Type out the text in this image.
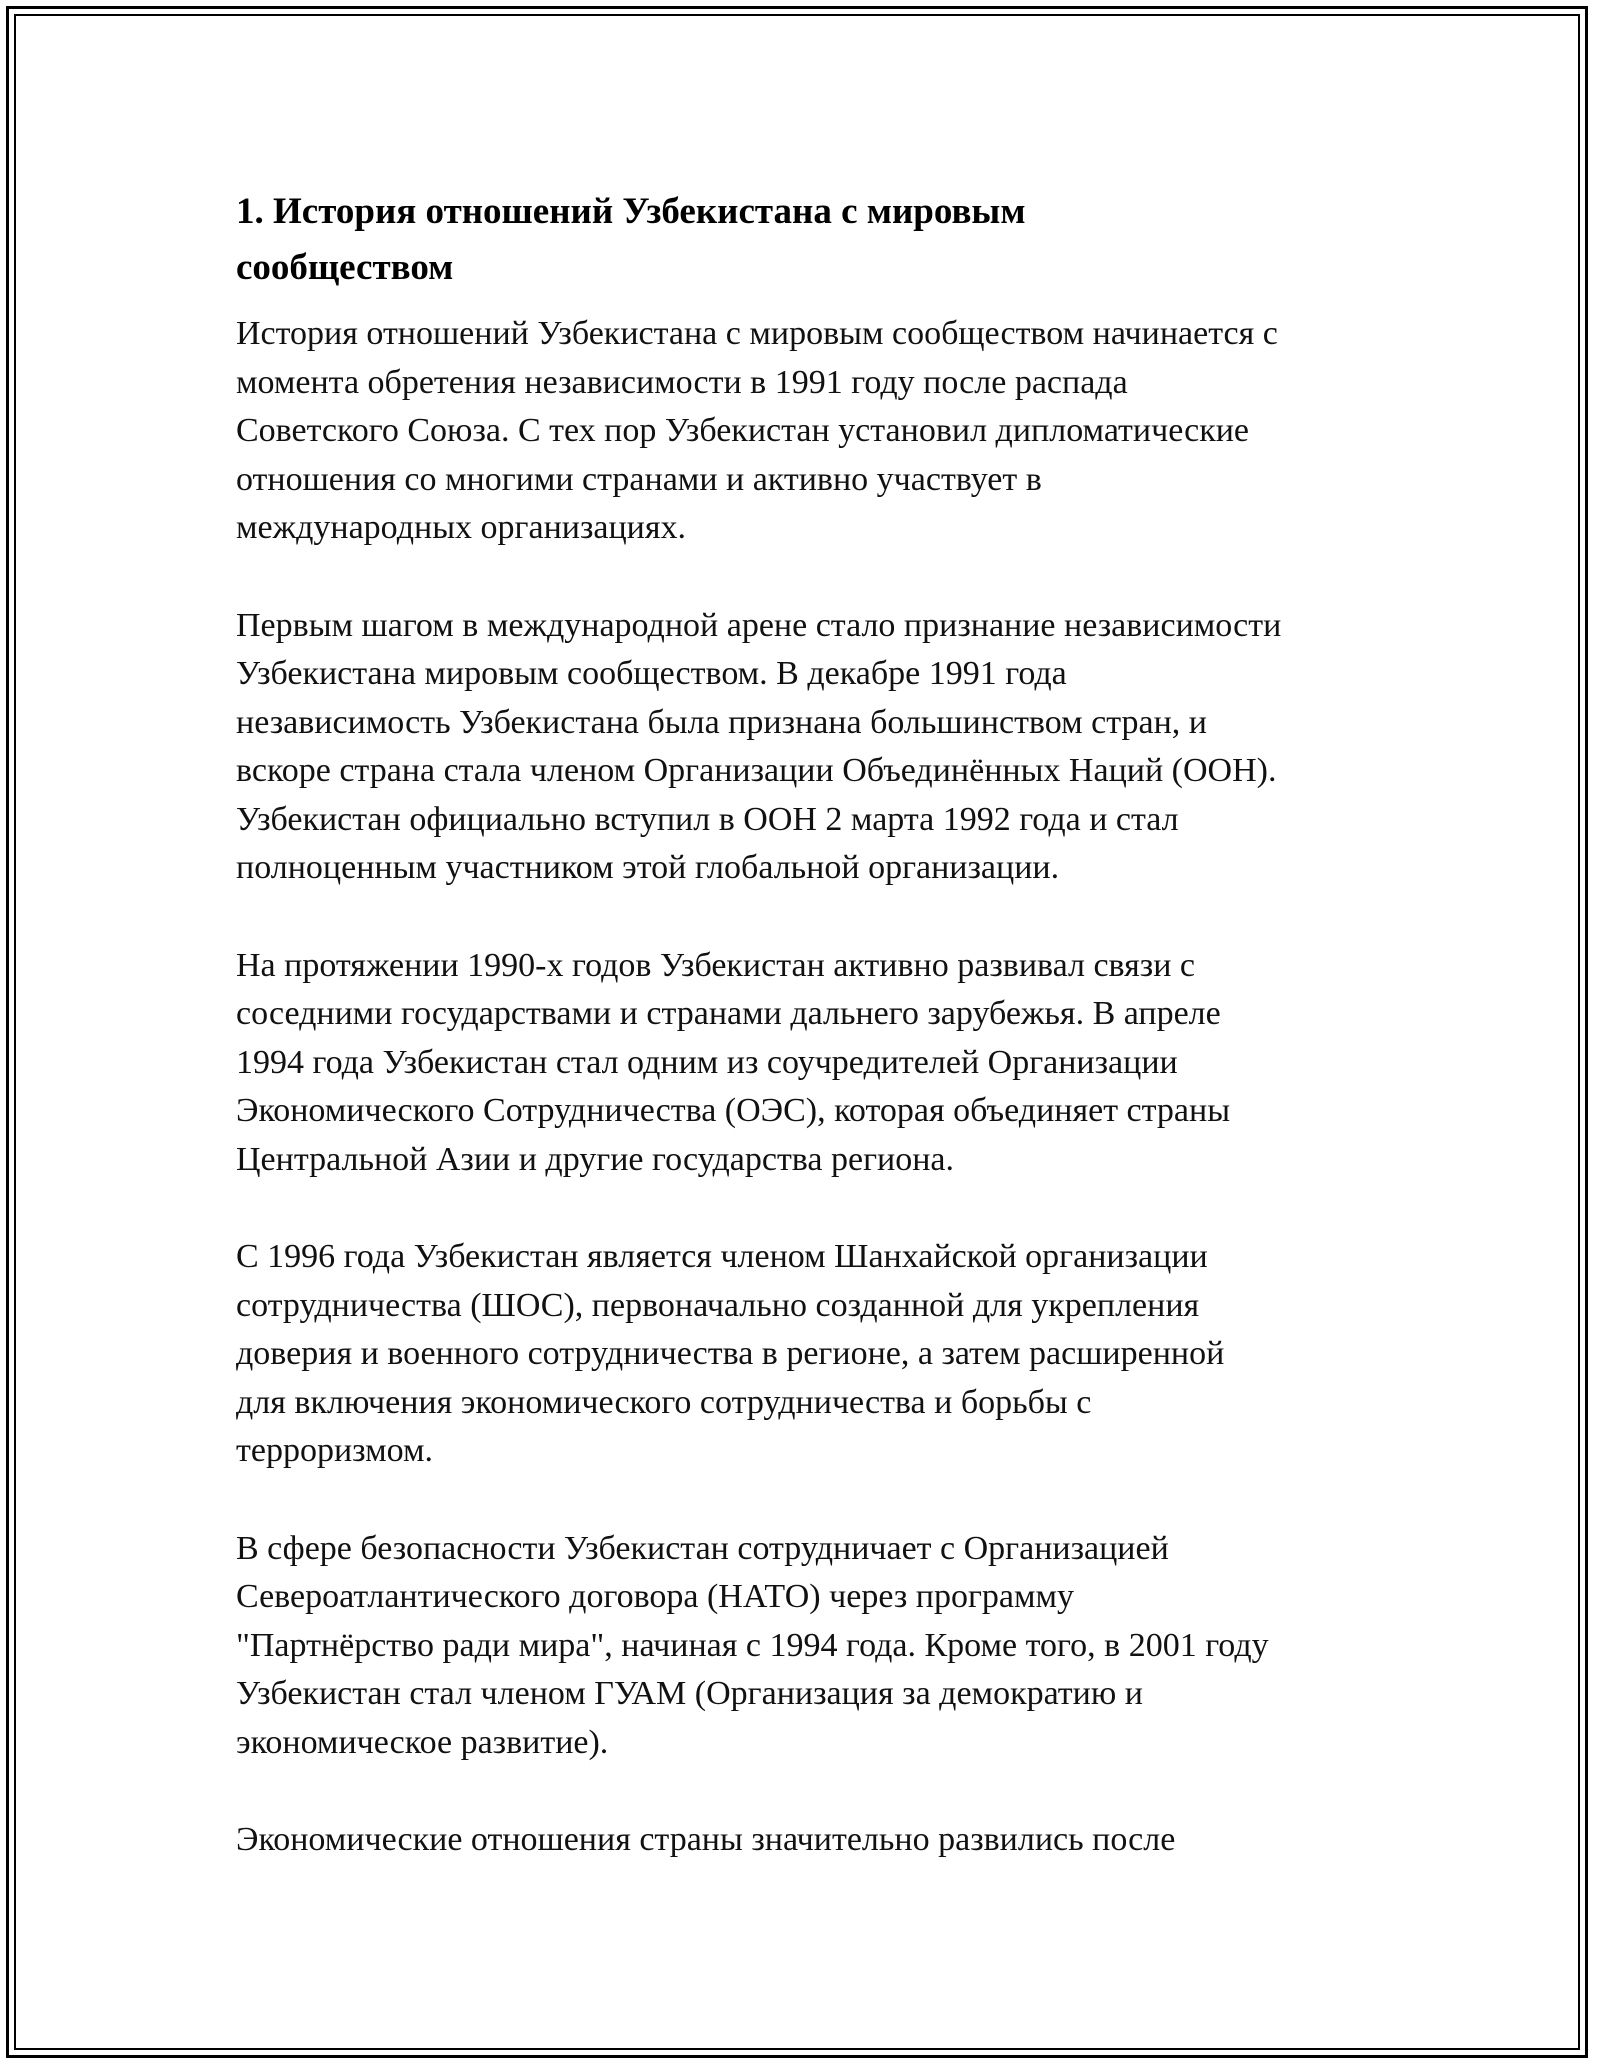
1. История отношений Узбекистана с мировым
сообществом

История отношений Узбекистана с мировым сообществом начинается с
момента обретения независимости в 1991 году после распада
Советского Союза. С тех пор Узбекистан установил дипломатические
отношения со многими странами и активно участвует в
международных организациях.

Первым шагом в международной арене стало признание независимости
Узбекистана мировым сообществом. В декабре 1991 года
независимость Узбекистана была признана большинством стран, и
вскоре страна стала членом Организации Объединённых Наций (ООН).
Узбекистан официально вступил в ООН 2 марта 1992 года и стал
полноценным участником этой глобальной организации.

На протяжении 1990-х годов Узбекистан активно развивал связи с
соседними государствами и странами дальнего зарубежья. В апреле
1994 года Узбекистан стал одним из соучредителей Организации
Экономического Сотрудничества (ОЭС), которая объединяет страны
Центральной Азии и другие государства региона.

С 1996 года Узбекистан является членом Шанхайской организации
сотрудничества (ШОС), первоначально созданной для укрепления
доверия и военного сотрудничества в регионе, а затем расширенной
для включения экономического сотрудничества и борьбы с
терроризмом.

В сфере безопасности Узбекистан сотрудничает с Организацией
Североатлантического договора (НАТО) через программу
"Партнёрство ради мира", начиная с 1994 года. Кроме того, в 2001 году
Узбекистан стал членом ГУАМ (Организация за демократию и
экономическое развитие).

Экономические отношения страны значительно развились после
